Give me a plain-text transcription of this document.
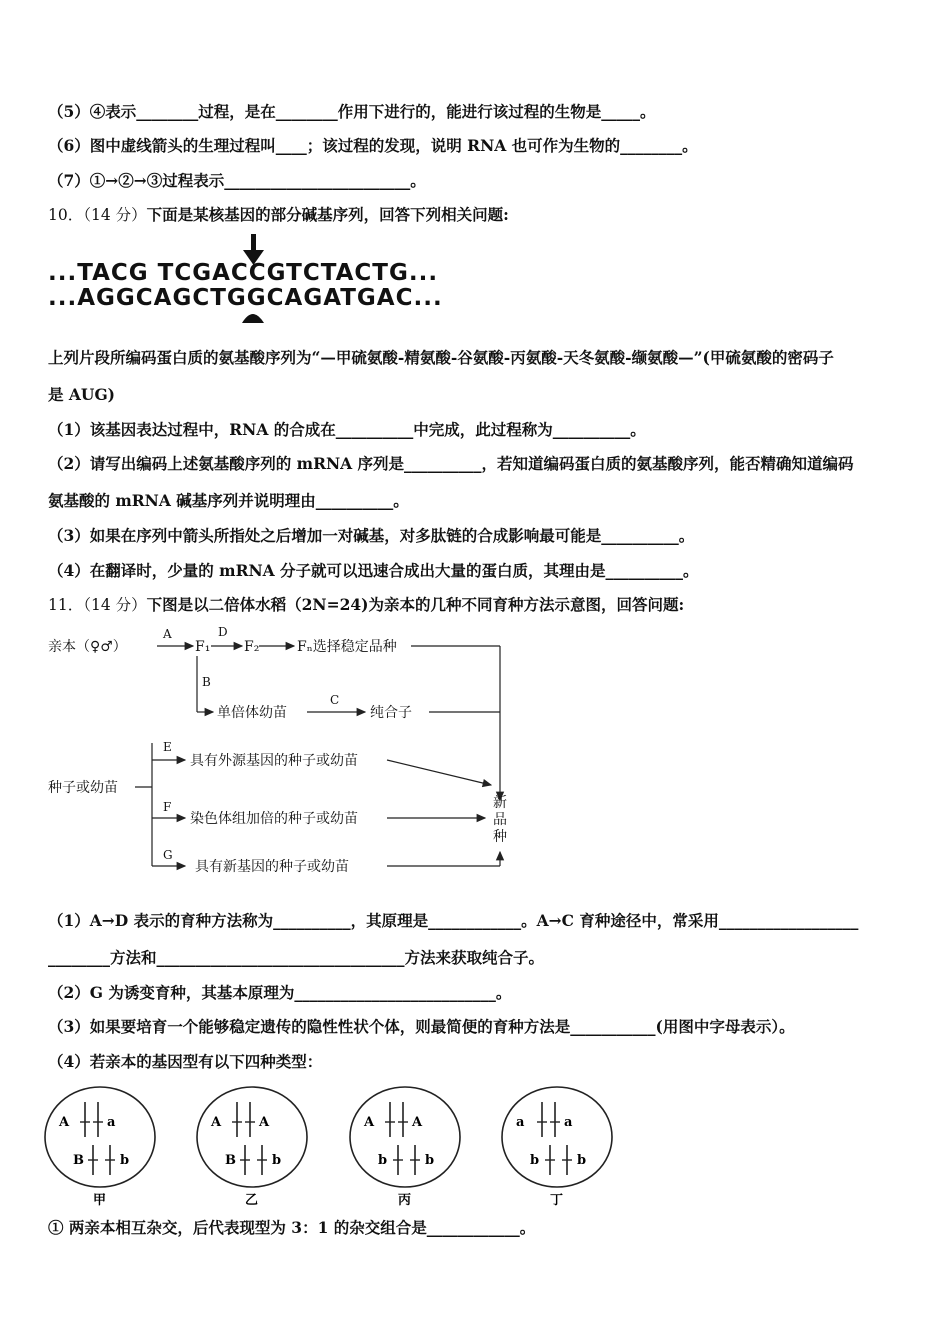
（5）④表示________过程，是在________作用下进行的，能进行该过程的生物是_____。
（6）图中虚线箭头的生理过程叫____；该过程的发现，说明 RNA 也可作为生物的________。
（7）①→②→③过程表示________________________。
10．（14 分）下面是某核基因的部分碱基序列，回答下列相关问题:
...TACG TCGACCGTCTACTG...
...AGGCAGCTGGCAGATGAC...
上列片段所编码蛋白质的氨基酸序列为“—甲硫氨酸-精氨酸-谷氨酸-丙氨酸-天冬氨酸-缬氨酸—”(甲硫氨酸的密码子
是 AUG)
（1）该基因表达过程中，RNA 的合成在__________中完成，此过程称为__________。
（2）请写出编码上述氨基酸序列的 mRNA 序列是__________，若知道编码蛋白质的氨基酸序列，能否精确知道编码
氨基酸的 mRNA 碱基序列并说明理由__________。
（3）如果在序列中箭头所指处之后增加一对碱基，对多肽链的合成影响最可能是__________。
（4）在翻译时，少量的 mRNA 分子就可以迅速合成出大量的蛋白质，其理由是__________。
11．（14 分）下图是以二倍体水稻（2N=24)为亲本的几种不同育种方法示意图，回答问题:
亲本（♀♂）	F₁ F₂	Fₙ选择稳定品种
单倍体幼苗	纯合子
种子或幼苗
具有外源基因的种子或幼苗
染色体组加倍的种子或幼苗
具有新基因的种子或幼苗
新
品
种
A	D
B
C
E
F
G
（1）A→D 表示的育种方法称为__________，其原理是____________。A→C 育种途径中，常采用__________________
________方法和________________________________方法来获取纯合子。
（2）G 为诱变育种，其基本原理为__________________________。
（3）如果要培育一个能够稳定遗传的隐性性状个体，则最简便的育种方法是___________(用图中字母表示）。
（4）若亲本的基因型有以下四种类型：
A	a
B	b
甲
A	A
B	b
乙
A	A
b	b
丙
a	a
b	b
丁
① 两亲本相互杂交，后代表现型为 3：1 的杂交组合是____________。
